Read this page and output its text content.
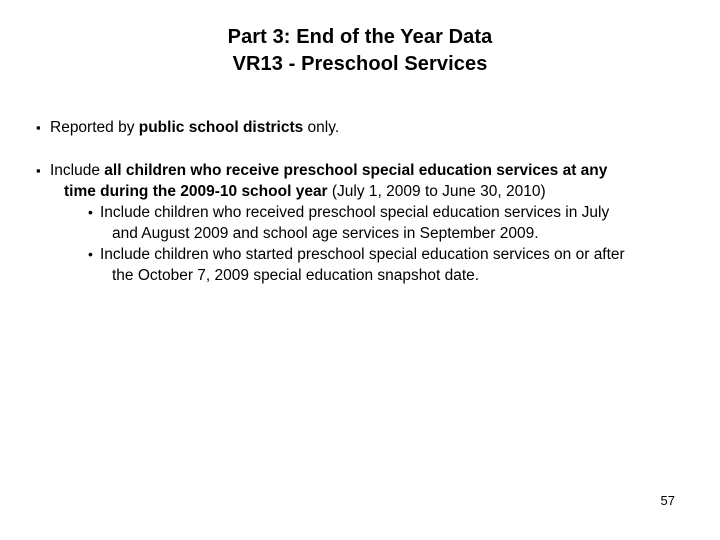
Part 3: End of the Year Data
VR13 - Preschool Services
▪ Reported by public school districts only.
▪ Include all children who receive preschool special education services at any time during the 2009-10 school year (July 1, 2009 to June 30, 2010)
• Include children who received preschool special education services in July and August 2009 and school age services in September 2009.
• Include children who started preschool special education services on or after the October 7, 2009 special education snapshot date.
57
